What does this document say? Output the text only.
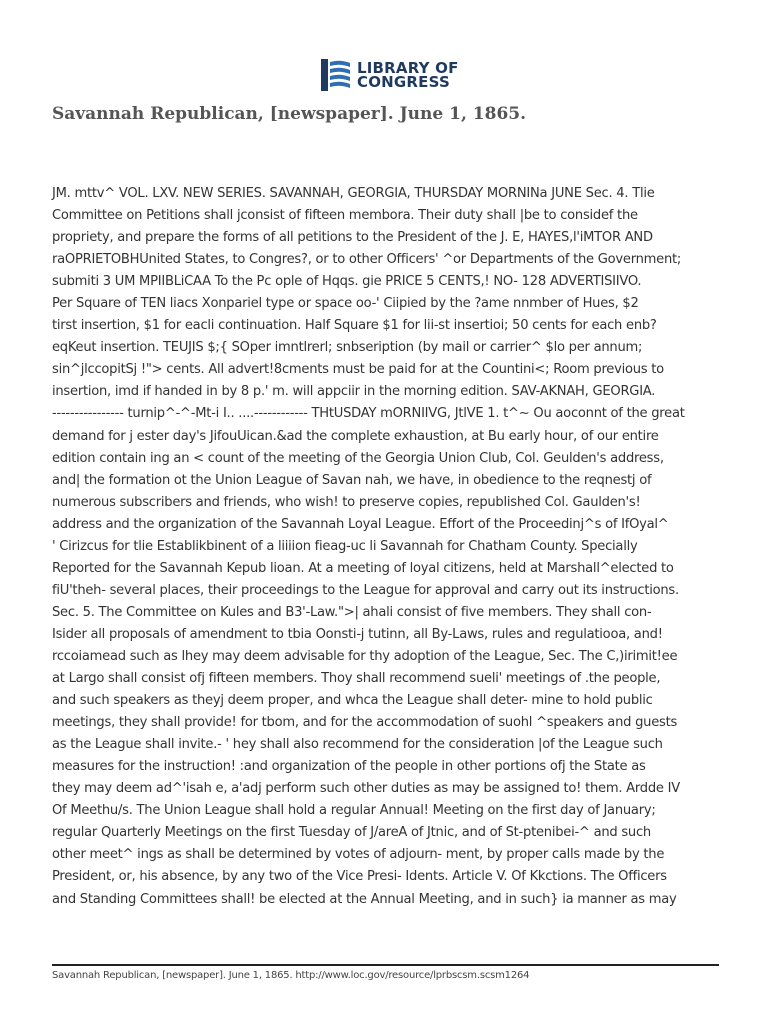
LIBRARY OF
CONGRESS
Savannah Republican, [newspaper]. June 1, 1865.
JM. mttv^ VOL. LXV. NEW SERIES. SAVANNAH, GEORGIA, THURSDAY MORNINa JUNE Sec. 4. Tlie
Committee on Petitions shall jconsist of fifteen membora. Their duty shall |be to considef the
propriety, and prepare the forms of all petitions to the President of the J. E, HAYES,l'iMTOR AND
raOPRIETOBHUnited States, to Congres?, or to other Officers' ^or Departments of the Government;
submiti 3 UM MPIIBLiCAA To the Pc ople of Hqqs. gie PRICE 5 CENTS,! NO- 128 ADVERTISIIVO.
Per Square of TEN liacs Xonpariel type or space oo-' Ciipied by the ?ame nnmber of Hues, $2
tirst insertion, $1 for eacli continuation. Half Square $1 for lii-st insertioi; 50 cents for each enb?
eqKeut insertion. TEUJIS $;{ SOper imntlrerl; snbseription (by mail or carrier^ $lo per annum;
sin^jlccopitSj !"> cents. All advert!8cments must be paid for at the Countini<; Room previous to
insertion, imd if handed in by 8 p.' m. will appciir in the morning edition. SAV-AKNAH, GEORGIA.
---------------- turnip^-^-Mt-i I.. ....------------ THtUSDAY mORNIIVG, JtlVE 1. t^~ Ou aoconnt of the great
demand for j ester day's JifouUican.&ad the complete exhaustion, at Bu early hour, of our entire
edition contain ing an < count of the meeting of the Georgia Union Club, Col. Geulden's address,
and| the formation ot the Union League of Savan nah, we have, in obedience to the reqnestj of
numerous subscribers and friends, who wish! to preserve copies, republished Col. Gaulden's!
address and the organization of the Savannah Loyal League. Effort of the Proceedinj^s of IfOyal^
' Cirizcus for tlie Establikbinent of a liiiion fieag-uc li Savannah for Chatham County. Specially
Reported for the Savannah Kepub lioan. At a meeting of loyal citizens, held at Marshall^elected to
fiU'theh- several places, their proceedings to the League for approval and carry out its instructions.
Sec. 5. The Committee on Kules and B3'-Law.">| ahali consist of five members. They shall con-
Isider all proposals of amendment to tbia Oonsti-j tutinn, all By-Laws, rules and regulatiooa, and!
rccoiamead such as lhey may deem advisable for thy adoption of the League, Sec. The C,)irimit!ee
at Largo shall consist ofj fifteen members. Thoy shall recommend sueli' meetings of .the people,
and such speakers as theyj deem proper, and whca the League shall deter- mine to hold public
meetings, they shall provide! for tbom, and for the accommodation of suohl ^speakers and guests
as the League shall invite.- ' hey shall also recommend for the consideration |of the League such
measures for the instruction! :and organization of the people in other portions ofj the State as
they may deem ad^'isah e, a'adj perform such other duties as may be assigned to! them. Ardde IV
Of Meethu/s. The Union League shall hold a regular Annual! Meeting on the first day of January;
regular Quarterly Meetings on the first Tuesday of J/areA of Jtnic, and of St-ptenibei-^ and such
other meet^ ings as shall be determined by votes of adjourn- ment, by proper calls made by the
President, or, his absence, by any two of the Vice Presi- Idents. Article V. Of Kkctions. The Officers
and Standing Committees shall! be elected at the Annual Meeting, and in such} ia manner as may
Savannah Republican, [newspaper]. June 1, 1865. http://www.loc.gov/resource/lprbscsm.scsm1264
